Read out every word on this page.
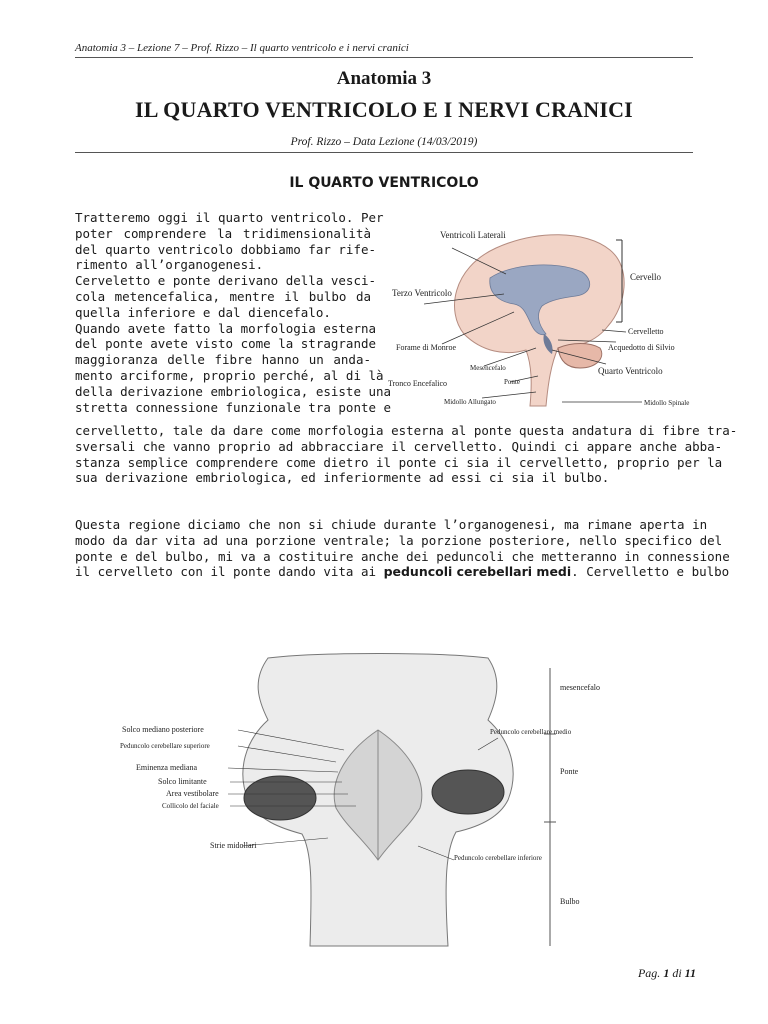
Anatomia 3 – Lezione 7 – Prof. Rizzo – Il quarto ventricolo e i nervi cranici
Anatomia 3
IL QUARTO VENTRICOLO E I NERVI CRANICI
Prof. Rizzo – Data Lezione (14/03/2019)
IL QUARTO VENTRICOLO
Tratteremo oggi il quarto ventricolo. Per
poter comprendere la tridimensionalità
del quarto ventricolo dobbiamo far rife-
rimento all’organogenesi.
Cerveletto e ponte derivano della vesci-
cola metencefalica, mentre il bulbo da
quella inferiore e dal diencefalo.
Quando avete fatto la morfologia esterna
del ponte avete visto come la stragrande
maggioranza delle fibre hanno un anda-
mento arciforme, proprio perché, al di là
della derivazione embriologica, esiste una
stretta connessione funzionale tra ponte e
Ventricoli Laterali
Terzo Ventricolo
Forame di Monroe
Tronco Encefalico
Mesencefalo
Ponte
Midollo Allungato
Cervello
Cervelletto
Acquedotto di Silvio
Quarto Ventricolo
Midollo Spinale
cervelletto, tale da dare come morfologia esterna al ponte questa andatura di fibre tra-
sversali che vanno proprio ad abbracciare il cervelletto. Quindi ci appare anche abba-
stanza semplice comprendere come dietro il ponte ci sia il cervelletto, proprio per la
sua derivazione embriologica, ed inferiormente ad essi ci sia il bulbo.
Questa regione diciamo che non si chiude durante l’organogenesi, ma rimane aperta in
modo da dar vita ad una porzione ventrale; la porzione posteriore, nello specifico del
ponte e del bulbo, mi va a costituire anche dei peduncoli che metteranno in connessione
il cervelleto con il ponte dando vita ai peduncoli cerebellari medi. Cervelletto e bulbo
Solco mediano posteriore
Peduncolo cerebellare superiore
Eminenza mediana
Solco limitante
Area vestibolare
Collicolo del faciale
Strie midollari
Peduncolo cerebellare medio
Peduncolo cerebellare inferiore
mesencefalo
Ponte
Bulbo
Pag. 1 di 11
